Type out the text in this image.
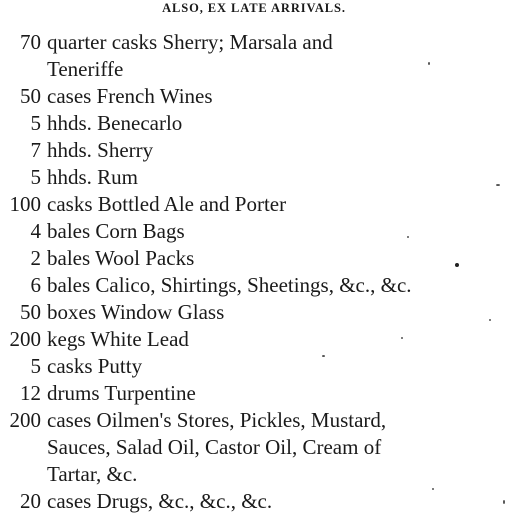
ALSO, EX LATE ARRIVALS.
70 quarter casks Sherry; Marsala and
Teneriffe
50 cases French Wines
5 hhds. Benecarlo
7 hhds. Sherry
5 hhds. Rum
100 casks Bottled Ale and Porter
4 bales Corn Bags
2 bales Wool Packs
6 bales Calico, Shirtings, Sheetings, &c., &c.
50 boxes Window Glass
200 kegs White Lead
5 casks Putty
12 drums Turpentine
200 cases Oilmen's Stores, Pickles, Mustard,
Sauces, Salad Oil, Castor Oil, Cream of
Tartar, &c.
20 cases Drugs, &c., &c., &c.
